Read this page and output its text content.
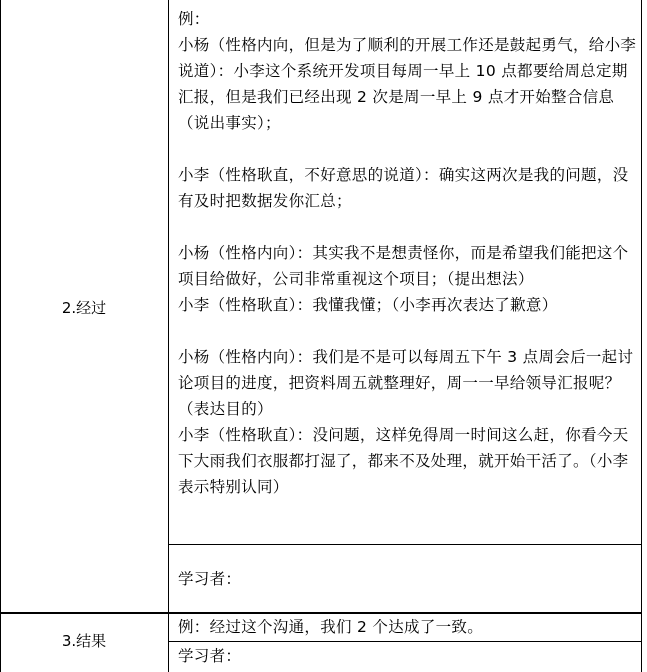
2.经过
3.结果

例：

小杨（性格内向，但是为了顺利的开展工作还是鼓起勇气，给小李说道）：小李这个系统开发项目每周一早上 10 点都要给周总定期汇报，但是我们已经出现 2 次是周一早上 9 点才开始整合信息（说出事实）；

小李（性格耿直，不好意思的说道）：确实这两次是我的问题，没有及时把数据发你汇总；

小杨（性格内向）：其实我不是想责怪你，而是希望我们能把这个项目给做好，公司非常重视这个项目；（提出想法）

小李（性格耿直）：我懂我懂；（小李再次表达了歉意）

小杨（性格内向）：我们是不是可以每周五下午 3 点周会后一起讨论项目的进度，把资料周五就整理好，周一一早给领导汇报呢？（表达目的）

小李（性格耿直）：没问题，这样免得周一时间这么赶，你看今天下大雨我们衣服都打湿了，都来不及处理，就开始干活了。（小李表示特别认同）

学习者：
例：经过这个沟通，我们 2 个达成了一致。
学习者：
